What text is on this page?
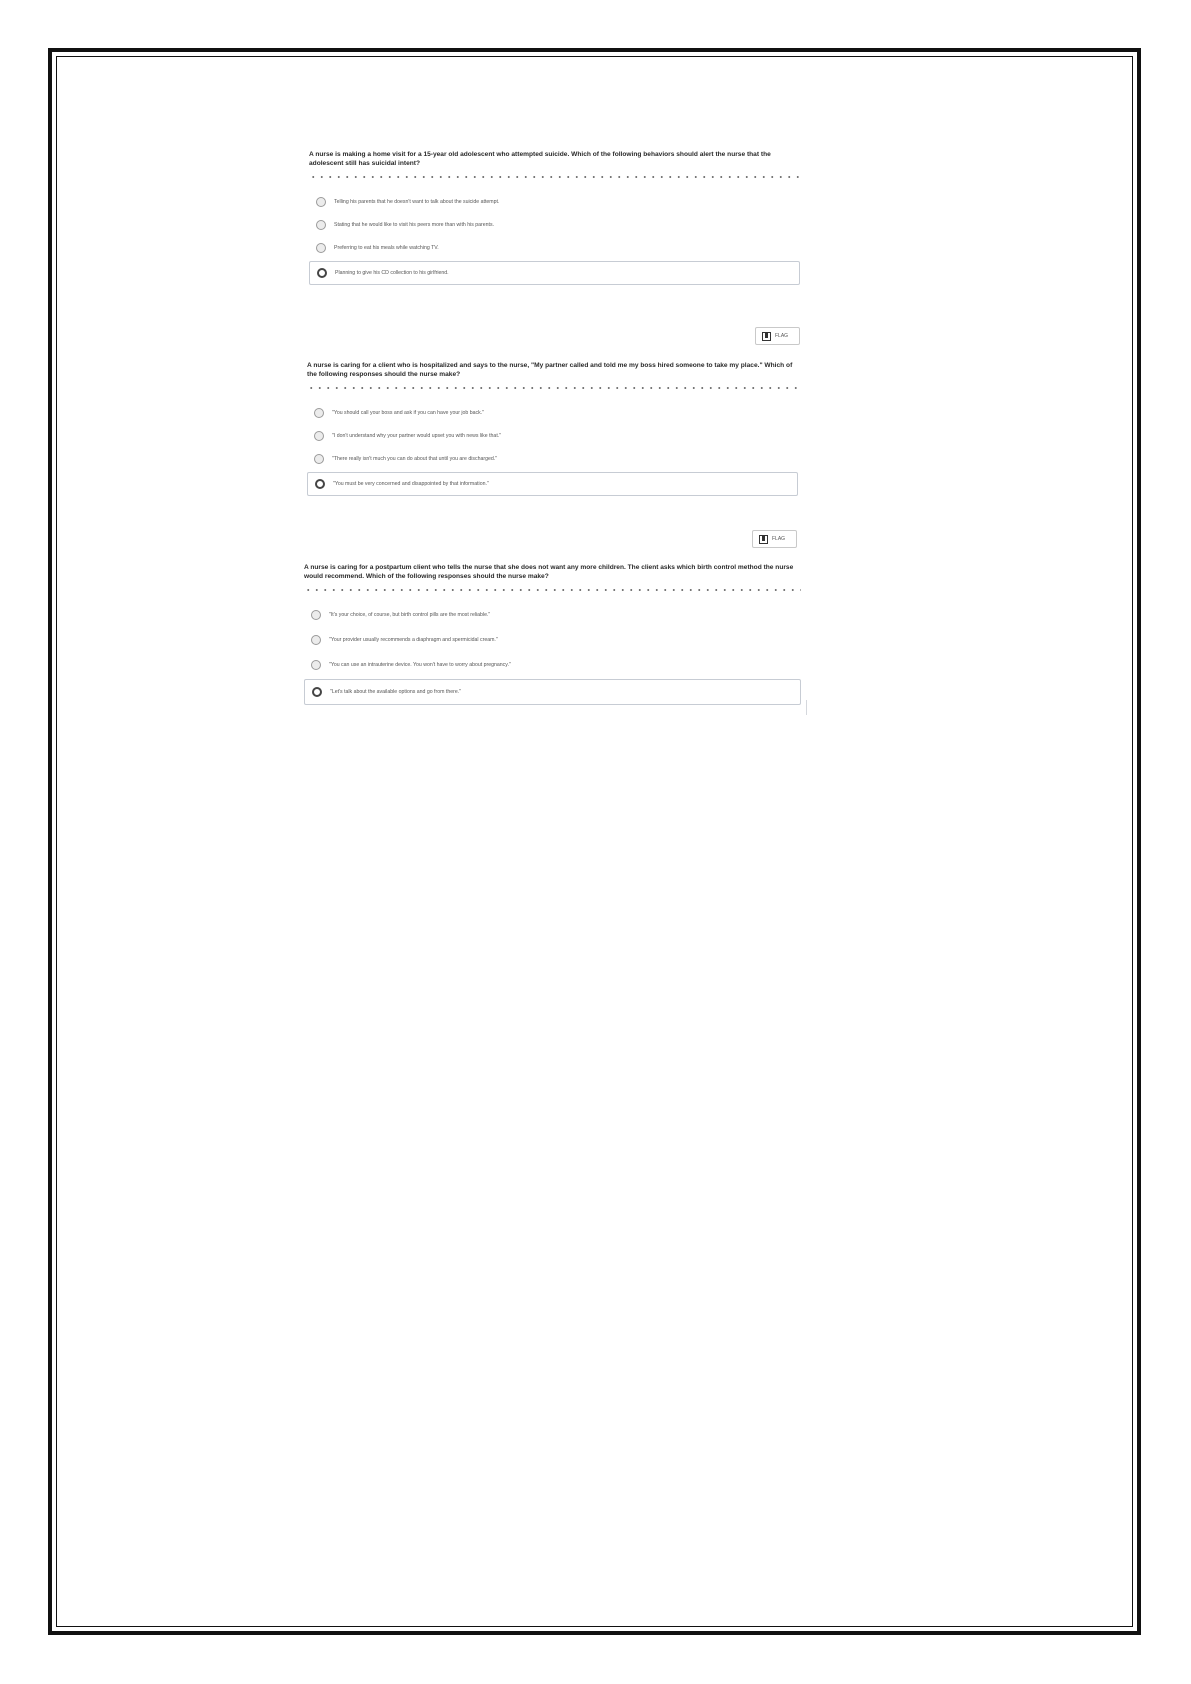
A nurse is making a home visit for a 15-year old adolescent who attempted suicide. Which of the following behaviors should alert the nurse that the adolescent still has suicidal intent?

Telling his parents that he doesn't want to talk about the suicide attempt.
Stating that he would like to visit his peers more than with his parents.
Preferring to eat his meals while watching TV.
Planning to give his CD collection to his girlfriend.
FLAG

A nurse is caring for a client who is hospitalized and says to the nurse, "My partner called and told me my boss hired someone to take my place." Which of the following responses should the nurse make?

"You should call your boss and ask if you can have your job back."
"I don't understand why your partner would upset you with news like that."
"There really isn't much you can do about that until you are discharged."
"You must be very concerned and disappointed by that information."
FLAG

A nurse is caring for a postpartum client who tells the nurse that she does not want any more children. The client asks which birth control method the nurse would recommend. Which of the following responses should the nurse make?

"It's your choice, of course, but birth control pills are the most reliable."
"Your provider usually recommends a diaphragm and spermicidal cream."
"You can use an intrauterine device. You won't have to worry about pregnancy."
"Let's talk about the available options and go from there."
